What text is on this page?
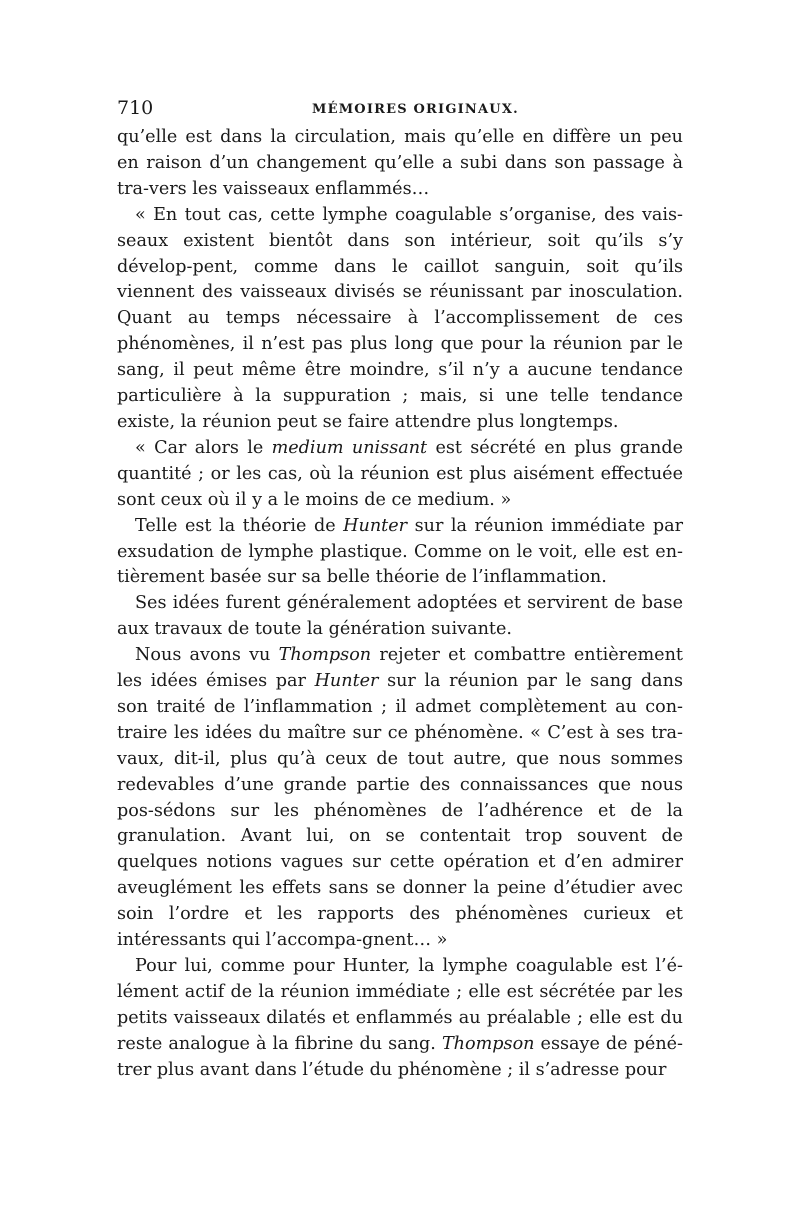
710	MÉMOIRES ORIGINAUX.

qu’elle est dans la circulation, mais qu’elle en diffère un peu en raison d’un changement qu’elle a subi dans son passage à tra-vers les vaisseaux enflammés…

« En tout cas, cette lymphe coagulable s’organise, des vais-seaux existent bientôt dans son intérieur, soit qu’ils s’y dévelop-pent, comme dans le caillot sanguin, soit qu’ils viennent des vaisseaux divisés se réunissant par inosculation. Quant au temps nécessaire à l’accomplissement de ces phénomènes, il n’est pas plus long que pour la réunion par le sang, il peut même être moindre, s’il n’y a aucune tendance particulière à la suppuration ; mais, si une telle tendance existe, la réunion peut se faire attendre plus longtemps.

« Car alors le medium unissant est sécrété en plus grande quantité ; or les cas, où la réunion est plus aisément effectuée sont ceux où il y a le moins de ce medium. »

Telle est la théorie de Hunter sur la réunion immédiate par exsudation de lymphe plastique. Comme on le voit, elle est en-tièrement basée sur sa belle théorie de l’inflammation.

Ses idées furent généralement adoptées et servirent de base aux travaux de toute la génération suivante.

Nous avons vu Thompson rejeter et combattre entièrement les idées émises par Hunter sur la réunion par le sang dans son traité de l’inflammation ; il admet complètement au con-traire les idées du maître sur ce phénomène. « C’est à ses tra-vaux, dit-il, plus qu’à ceux de tout autre, que nous sommes redevables d’une grande partie des connaissances que nous pos-sédons sur les phénomènes de l’adhérence et de la granulation. Avant lui, on se contentait trop souvent de quelques notions vagues sur cette opération et d’en admirer aveuglément les effets sans se donner la peine d’étudier avec soin l’ordre et les rapports des phénomènes curieux et intéressants qui l’accompa-gnent… »

Pour lui, comme pour Hunter, la lymphe coagulable est l’é-lément actif de la réunion immédiate ; elle est sécrétée par les petits vaisseaux dilatés et enflammés au préalable ; elle est du reste analogue à la fibrine du sang. Thompson essaye de péné-trer plus avant dans l’étude du phénomène ; il s’adresse pour
